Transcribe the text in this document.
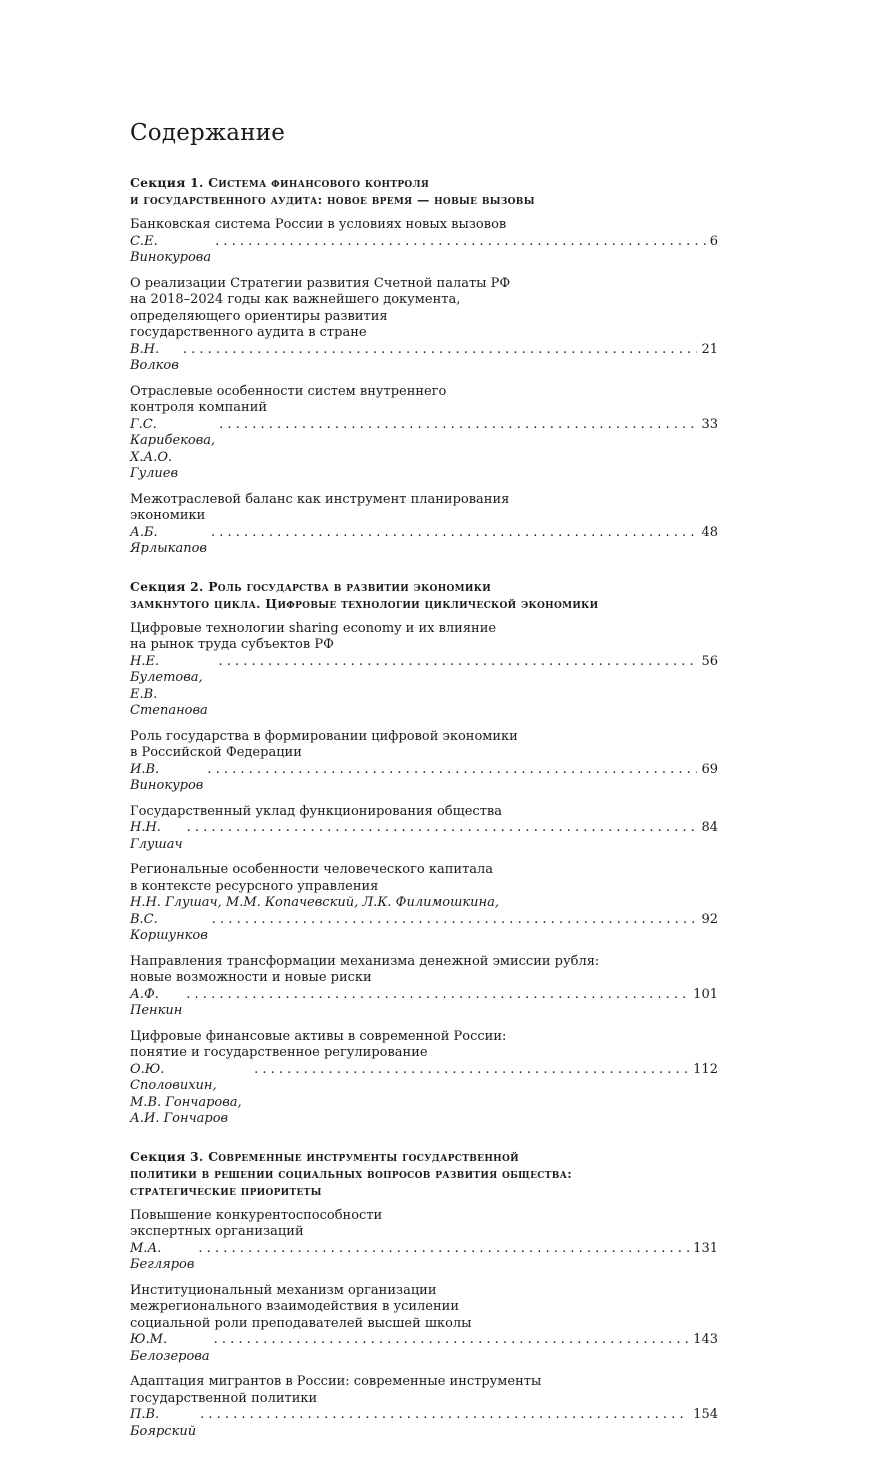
Содержание
Секция 1. Система финансового контроля
и государственного аудита: новое время — новые вызовы
Банковская система России в условиях новых вызовов
С.Е. Винокурова
. . .
6
О реализации Стратегии развития Счетной палаты РФ
на 2018–2024 годы как важнейшего документа,
определяющего ориентиры развития
государственного аудита в стране
В.Н. Волков
. . .
21
Отраслевые особенности систем внутреннего
контроля компаний
Г.С. Карибекова, Х.А.О. Гулиев
. . .
33
Межотраслевой баланс как инструмент планирования
экономики
А.Б. Ярлыкапов
. . .
48
Секция 2. Роль государства в развитии экономики
замкнутого цикла. Цифровые технологии циклической экономики
Цифровые технологии sharing economy и их влияние
на рынок труда субъектов РФ
Н.Е. Булетова, Е.В. Степанова
. . .
56
Роль государства в формировании цифровой экономики
в Российской Федерации
И.В. Винокуров
. . .
69
Государственный уклад функционирования общества
Н.Н. Глушач
. . .
84
Региональные особенности человеческого капитала
в контексте ресурсного управления
Н.Н. Глушач, М.М. Копачевский, Л.К. Филимошкина,
В.С. Коршунков
. . .
92
Направления трансформации механизма денежной эмиссии рубля:
новые возможности и новые риски
А.Ф. Пенкин
. . .
101
Цифровые финансовые активы в современной России:
понятие и государственное регулирование
О.Ю. Споловихин, М.В. Гончарова, А.И. Гончаров
. . .
112
Секция 3. Современные инструменты государственной
политики в решении социальных вопросов развития общества:
стратегические приоритеты
Повышение конкурентоспособности
экспертных организаций
М.А. Бегляров
. . .
131
Институциональный механизм организации
межрегионального взаимодействия в усилении
социальной роли преподавателей высшей школы
Ю.М. Белозерова
. . .
143
Адаптация мигрантов в России: современные инструменты
государственной политики
П.В. Боярский
. . .
154
